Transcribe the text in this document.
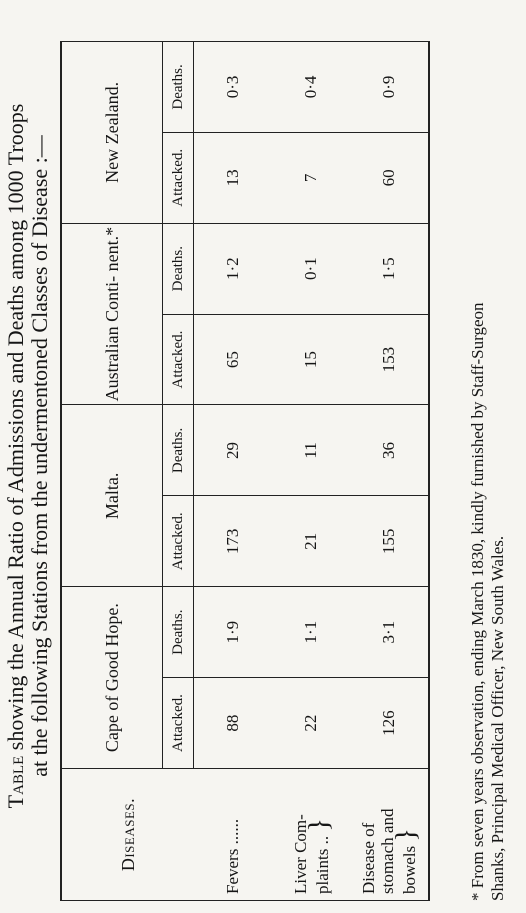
Table showing the Annual Ratio of Admissions and Deaths among 1000 Troops
at the following Stations from the undermentoned Classes of Disease :—
Diseases.	Cape of Good Hope.		Malta.		Australian Conti- nent.*		New Zealand.	
	Attacked.	Deaths.	Attacked.	Deaths.	Attacked.	Deaths.	Attacked.	Deaths.
Fevers ......	88	1·9	173	29	65	1·2	13	0·3
Liver Com- plaints .. }	22	1·1	21	11	15	0·1	7	0·4
Disease of stomach and bowels }	126	3·1	155	36	153	1·5	60	0·9
* From seven years observation, ending March 1830, kindly furnished by Staff-Surgeon
Shanks, Principal Medical Officer, New South Wales.
